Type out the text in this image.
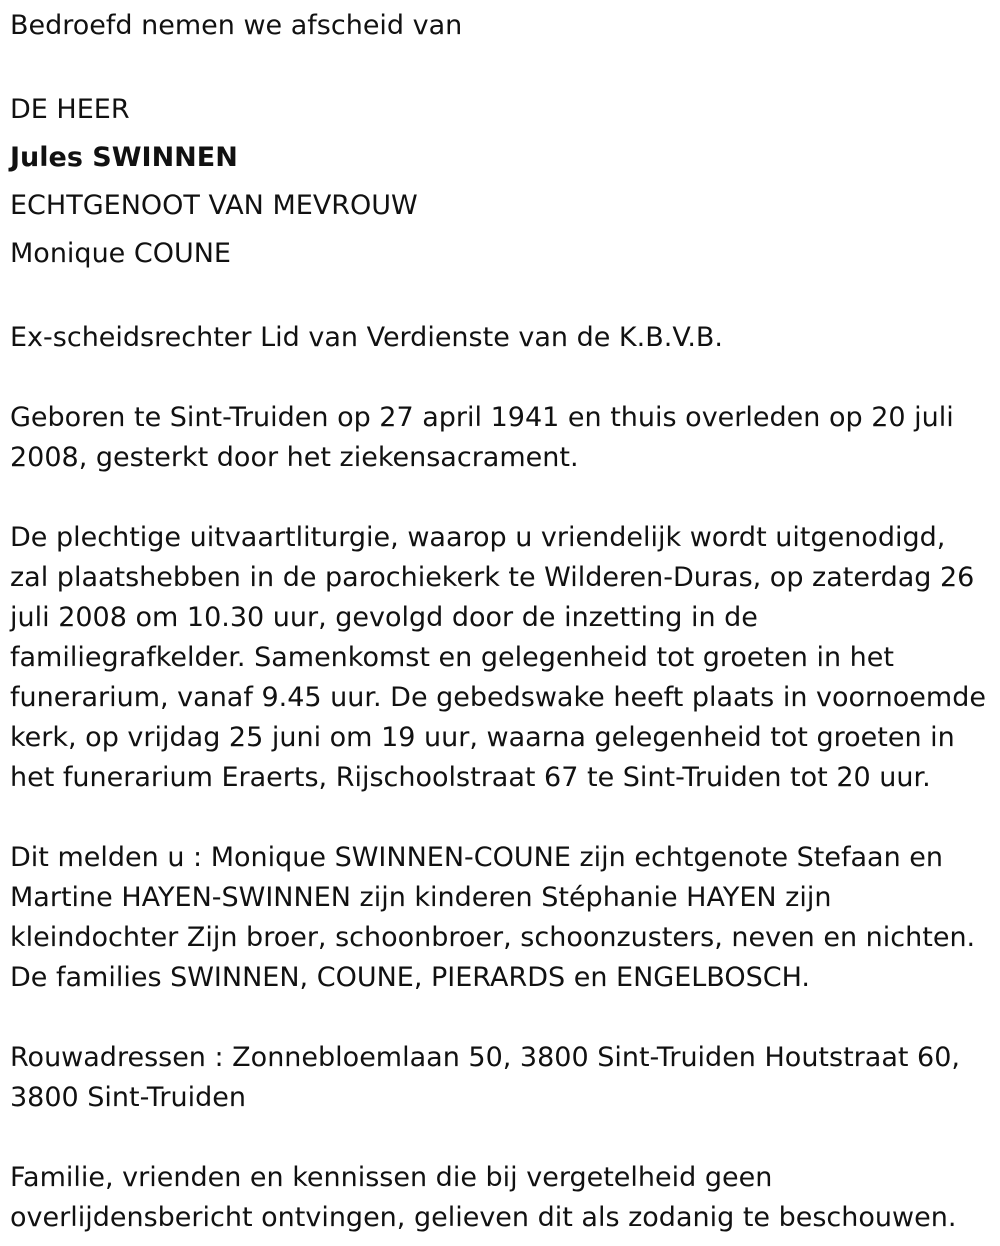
Bedroefd nemen we afscheid van

DE HEER

Jules SWINNEN

ECHTGENOOT VAN MEVROUW

Monique COUNE

Ex-scheidsrechter Lid van Verdienste van de K.B.V.B.

Geboren te Sint-Truiden op 27 april 1941 en thuis overleden op 20 juli 2008, gesterkt door het ziekensacrament.

De plechtige uitvaartliturgie, waarop u vriendelijk wordt uitgenodigd, zal plaatshebben in de parochiekerk te Wilderen-Duras, op zaterdag 26 juli 2008 om 10.30 uur, gevolgd door de inzetting in de familiegrafkelder. Samenkomst en gelegenheid tot groeten in het funerarium, vanaf 9.45 uur. De gebedswake heeft plaats in voornoemde kerk, op vrijdag 25 juni om 19 uur, waarna gelegenheid tot groeten in het funerarium Eraerts, Rijschoolstraat 67 te Sint-Truiden tot 20 uur.

Dit melden u : Monique SWINNEN-COUNE zijn echtgenote Stefaan en Martine HAYEN-SWINNEN zijn kinderen Stéphanie HAYEN zijn kleindochter Zijn broer, schoonbroer, schoonzusters, neven en nichten. De families SWINNEN, COUNE, PIERARDS en ENGELBOSCH.

Rouwadressen : Zonnebloemlaan 50, 3800 Sint-Truiden Houtstraat 60, 3800 Sint-Truiden

Familie, vrienden en kennissen die bij vergetelheid geen overlijdensbericht ontvingen, gelieven dit als zodanig te beschouwen.
